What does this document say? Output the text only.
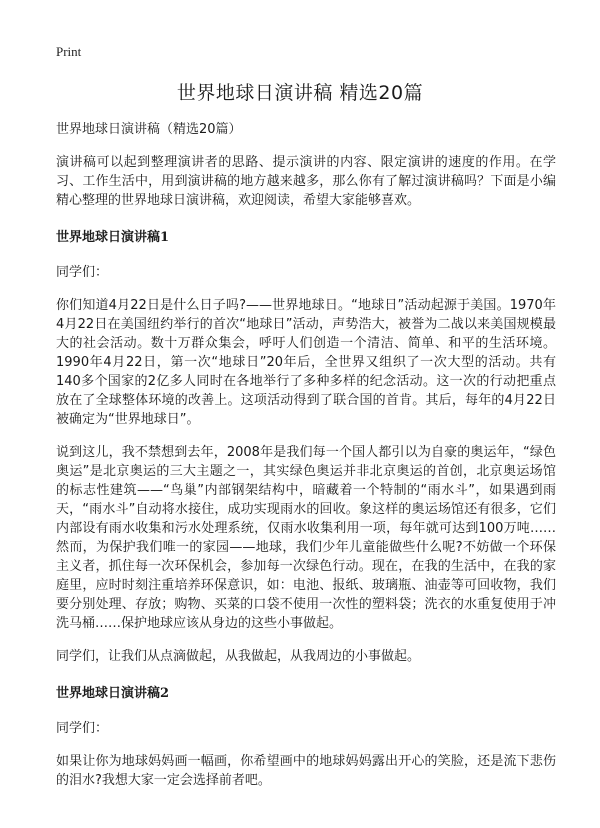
Print
世界地球日演讲稿 精选20篇

世界地球日演讲稿（精选20篇）

演讲稿可以起到整理演讲者的思路、提示演讲的内容、限定演讲的速度的作用。在学习、工作生活中，用到演讲稿的地方越来越多，那么你有了解过演讲稿吗？下面是小编精心整理的世界地球日演讲稿，欢迎阅读，希望大家能够喜欢。

世界地球日演讲稿1

同学们：

你们知道4月22日是什么日子吗?——世界地球日。“地球日”活动起源于美国。1970年4月22日在美国纽约举行的首次“地球日”活动，声势浩大，被誉为二战以来美国规模最大的社会活动。数十万群众集会，呼吁人们创造一个清洁、简单、和平的生活环境。1990年4月22日，第一次“地球日”20年后，全世界又组织了一次大型的活动。共有140多个国家的2亿多人同时在各地举行了多种多样的纪念活动。这一次的行动把重点放在了全球整体环境的改善上。这项活动得到了联合国的首肯。其后，每年的4月22日被确定为“世界地球日”。

说到这儿，我不禁想到去年，2008年是我们每一个国人都引以为自豪的奥运年，“绿色奥运”是北京奥运的三大主题之一，其实绿色奥运并非北京奥运的首创，北京奥运场馆的标志性建筑——“鸟巢”内部钢架结构中，暗藏着一个特制的“雨水斗”，如果遇到雨天，“雨水斗”自动将水接住，成功实现雨水的回收。象这样的奥运场馆还有很多，它们内部设有雨水收集和污水处理系统，仅雨水收集利用一项，每年就可达到100万吨……然而，为保护我们唯一的家园——地球，我们少年儿童能做些什么呢?不妨做一个环保主义者，抓住每一次环保机会，参加每一次绿色行动。现在，在我的生活中，在我的家庭里，应时时刻注重培养环保意识，如：电池、报纸、玻璃瓶、油壶等可回收物，我们要分别处理、存放；购物、买菜的口袋不使用一次性的塑料袋；洗衣的水重复使用于冲洗马桶……保护地球应该从身边的这些小事做起。

同学们，让我们从点滴做起，从我做起，从我周边的小事做起。

世界地球日演讲稿2

同学们：

如果让你为地球妈妈画一幅画，你希望画中的地球妈妈露出开心的笑脸，还是流下悲伤的泪水?我想大家一定会选择前者吧。
